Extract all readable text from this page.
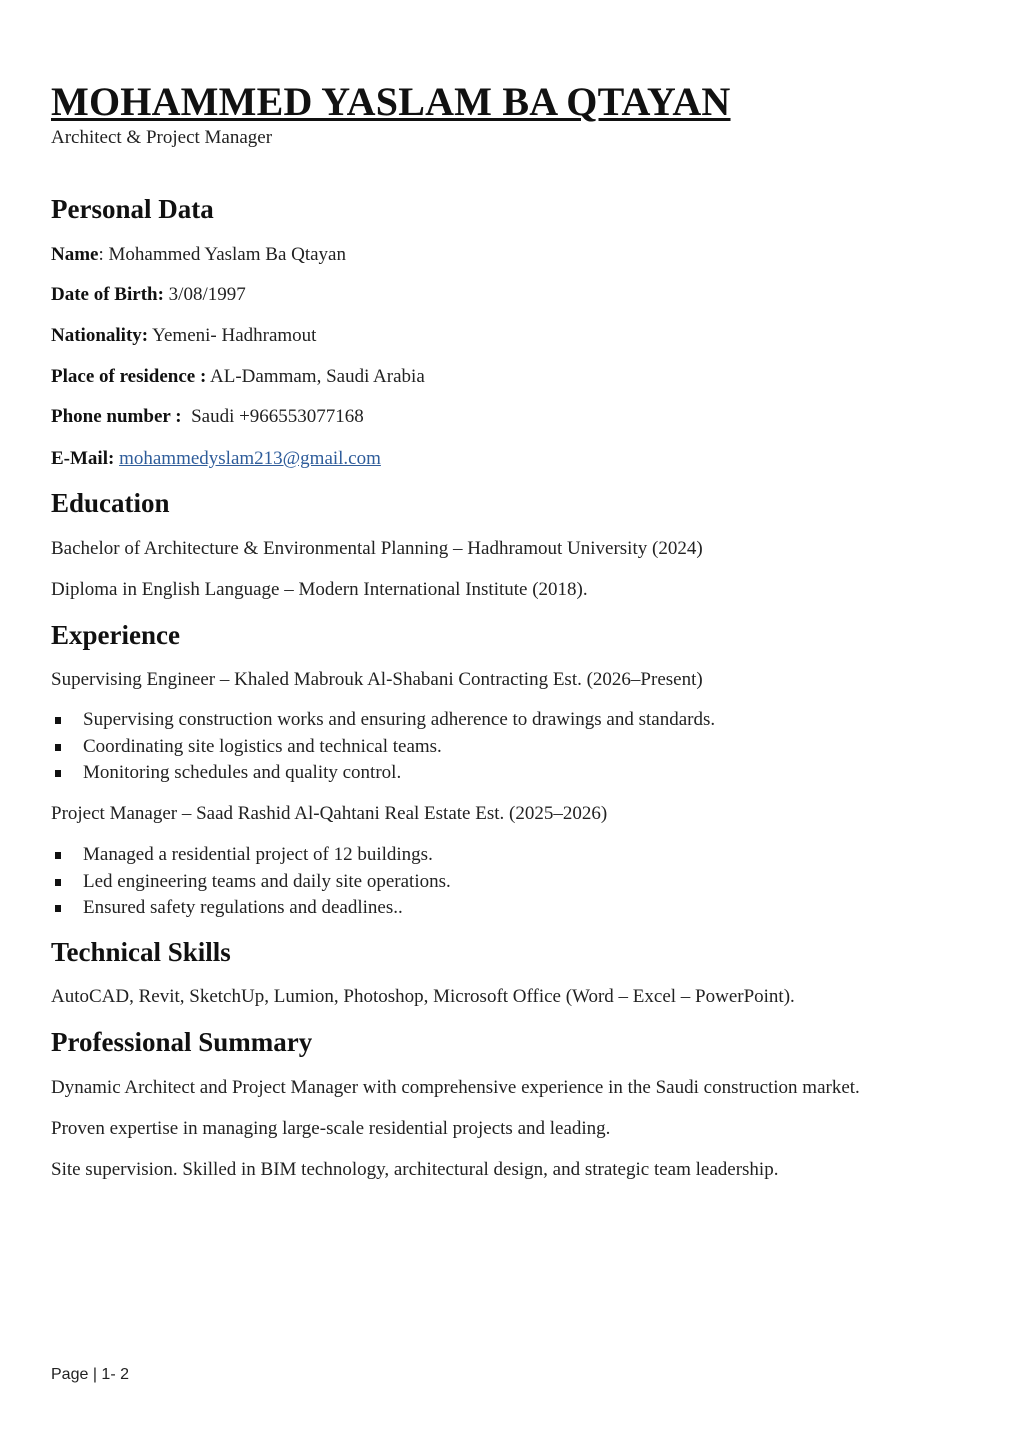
MOHAMMED YASLAM BA QTAYAN
Architect & Project Manager
Personal Data
Name: Mohammed Yaslam Ba Qtayan
Date of Birth: 3/08/1997
Nationality: Yemeni- Hadhramout
Place of residence : AL-Dammam, Saudi Arabia
Phone number : Saudi +966553077168
E-Mail: mohammedyslam213@gmail.com
Education
Bachelor of Architecture & Environmental Planning – Hadhramout University (2024)
Diploma in English Language – Modern International Institute (2018).
Experience
Supervising Engineer – Khaled Mabrouk Al-Shabani Contracting Est. (2026–Present)
Supervising construction works and ensuring adherence to drawings and standards.
Coordinating site logistics and technical teams.
Monitoring schedules and quality control.
Project Manager – Saad Rashid Al-Qahtani Real Estate Est. (2025–2026)
Managed a residential project of 12 buildings.
Led engineering teams and daily site operations.
Ensured safety regulations and deadlines..
Technical Skills
AutoCAD, Revit, SketchUp, Lumion, Photoshop, Microsoft Office (Word – Excel – PowerPoint).
Professional Summary
Dynamic Architect and Project Manager with comprehensive experience in the Saudi construction market.
Proven expertise in managing large-scale residential projects and leading.
Site supervision. Skilled in BIM technology, architectural design, and strategic team leadership.
Page | 1- 2
